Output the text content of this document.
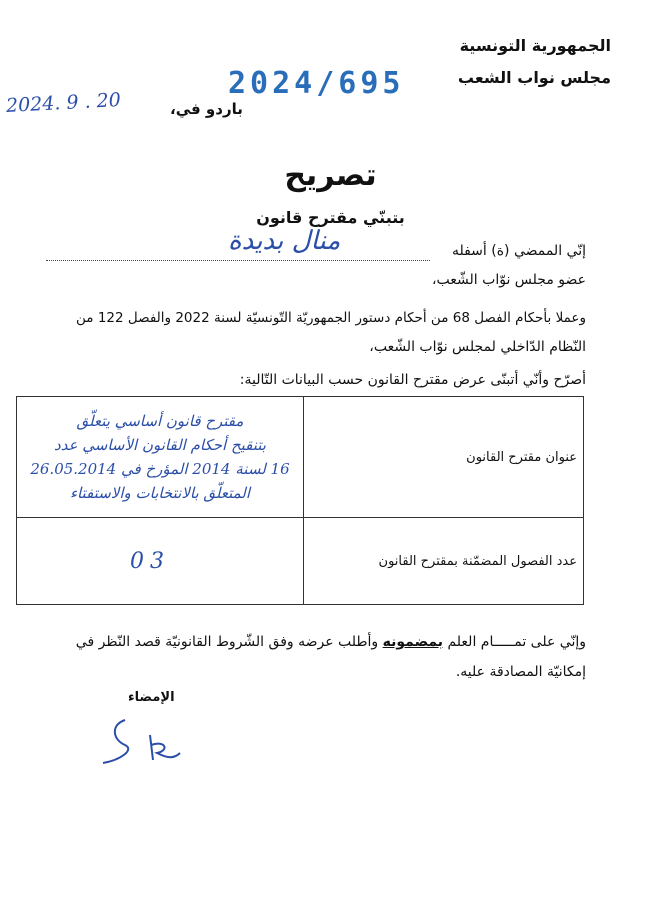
الجمهورية التونسية
مجلس نواب الشعب
2024/695
2024. 9 . 20	باردو في،
تصريح
بتبنّي مقترح قانون
إنّي الممضي (ة) أسفله
منال بديدة
عضو مجلس نوّاب الشّعب،
وعملا بأحكام الفصل 68 من أحكام دستور الجمهوريّة التّونسيّة لسنة 2022 والفصل 122 من
النّظام الدّاخلي لمجلس نوّاب الشّعب،
أصرّح وأنّي أتبنّى عرض مقترح القانون حسب البيانات التّالية:
عنوان مقترح القانون	مقترح قانون أساسي يتعلّق
بتنقيح أحكام القانون الأساسي عدد
16 لسنة 2014 المؤرخ في 26.05.2014
المتعلّق بالانتخابات والاستفتاء

عدد الفصول المضمّنة بمقترح القانون	03
وإنّي على تمـــــام العلم بمضمونه وأطلب عرضه وفق الشّروط القانونيّة قصد النّظر في
إمكانيّة المصادقة عليه.
الإمضاء
